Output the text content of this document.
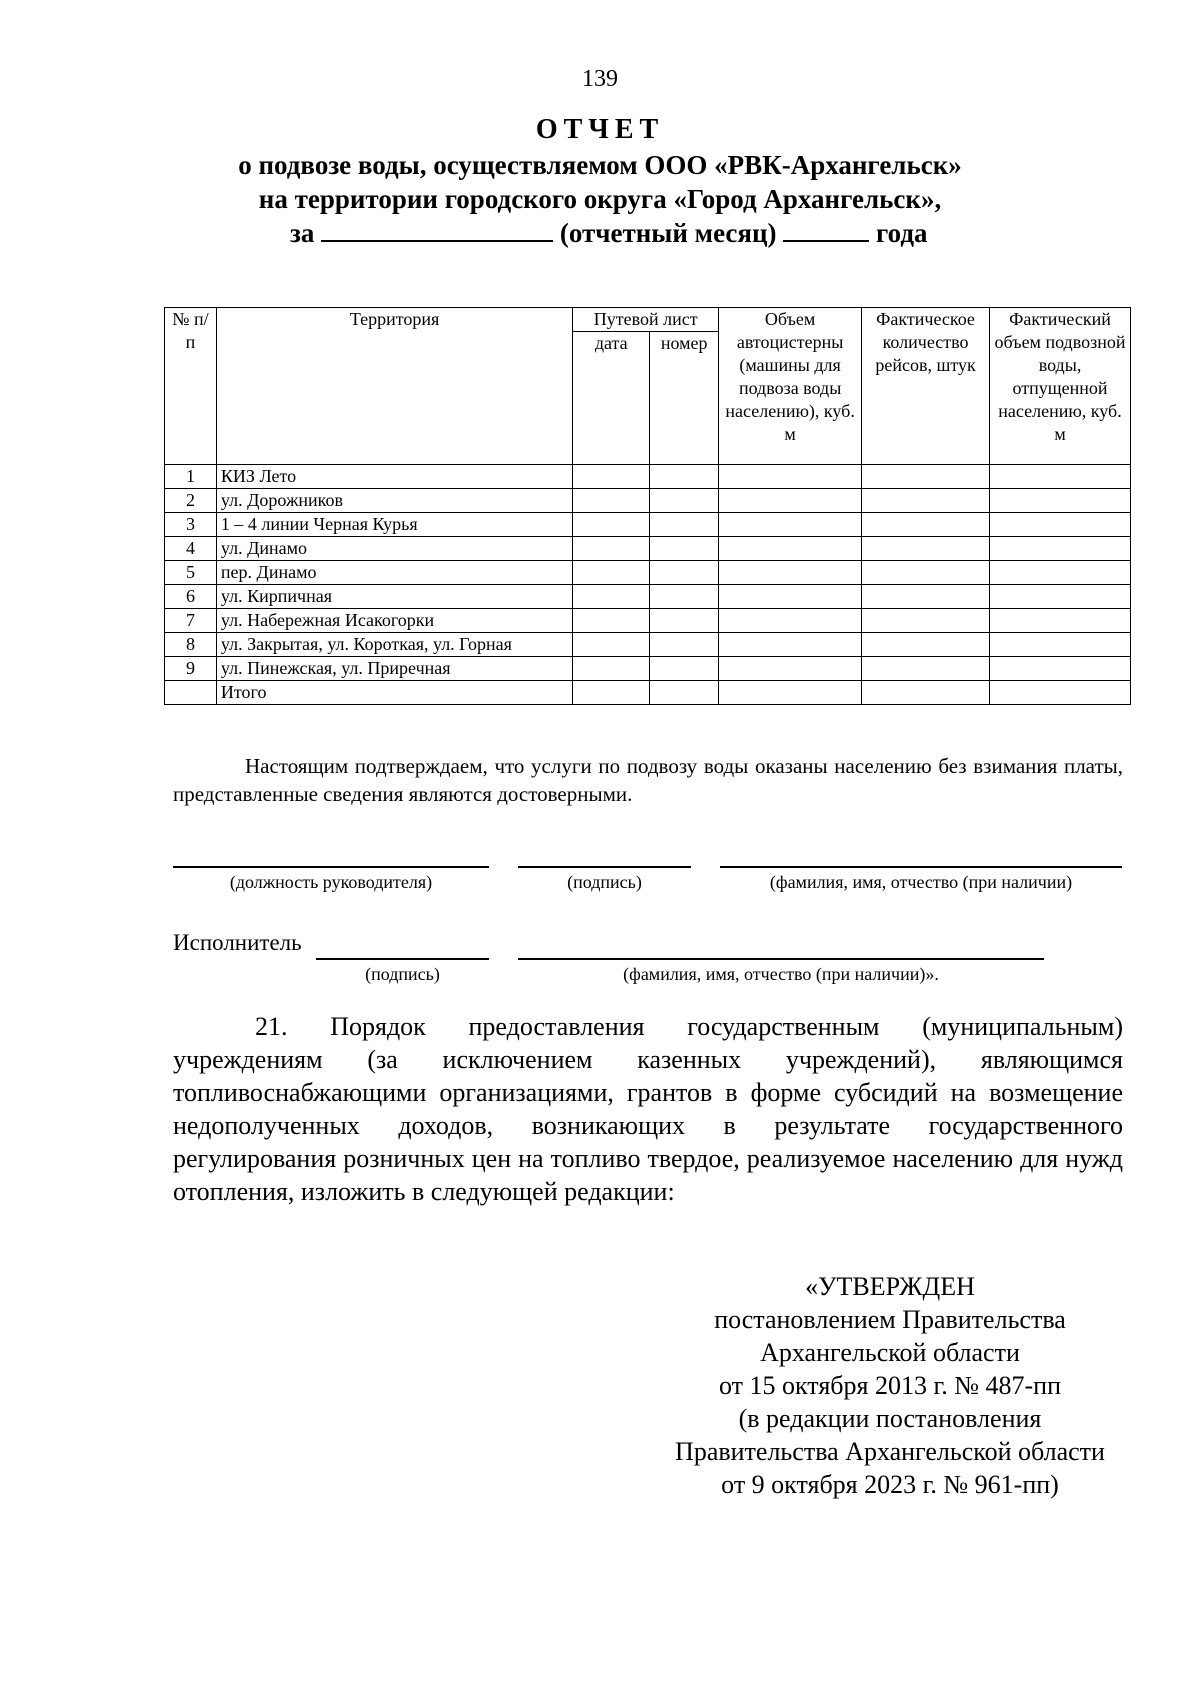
139
ОТЧЕТ
о подвозе воды, осуществляемом ООО «РВК-Архангельск»
на территории городского округа «Город Архангельск»,
за	(отчетный месяц)	года
№ п/п	Территория	Путевой лист		Объем автоцистерны (машины для подвоза воды населению), куб. м	Фактическое количество рейсов, штук	Фактический объем подвозной воды, отпущенной населению, куб. м
		дата	номер			
1	КИЗ Лето					
2	ул. Дорожников					
3	1 – 4 линии Черная Курья					
4	ул. Динамо					
5	пер. Динамо					
6	ул. Кирпичная					
7	ул. Набережная Исакогорки					
8	ул. Закрытая, ул. Короткая, ул. Горная					
9	ул. Пинежская, ул. Приречная					
	Итого					
Настоящим подтверждаем, что услуги по подвозу воды оказаны населению без взимания платы, представленные сведения являются достоверными.
(должность руководителя)	(подпись)	(фамилия, имя, отчество (при наличии)
Исполнитель
(подпись)	(фамилия, имя, отчество (при наличии)».
21. Порядок предоставления государственным (муниципальным) учреждениям (за исключением казенных учреждений), являющимся топливоснабжающими организациями, грантов в форме субсидий на возмещение недополученных доходов, возникающих в результате государственного регулирования розничных цен на топливо твердое, реализуемое населению для нужд отопления, изложить в следующей редакции:
«УТВЕРЖДЕН
постановлением Правительства
Архангельской области
от 15 октября 2013 г. № 487-пп
(в редакции постановления
Правительства Архангельской области
от 9 октября 2023 г. № 961-пп)
